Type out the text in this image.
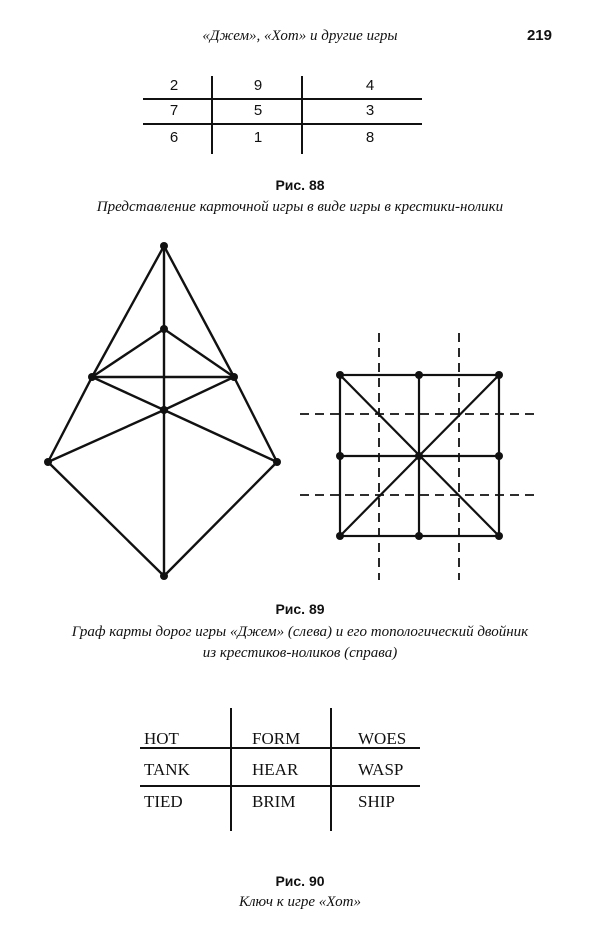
«Джем», «Хот» и другие игры	219
2	9	4
7	5	3
6	1	8
Рис. 88
Представление карточной игры в виде игры в крестики-нолики
Рис. 89
Граф карты дорог игры «Джем» (слева) и его топологический двойник
из крестиков-ноликов (справа)
HOT	FORM	WOES
TANK	HEAR	WASP
TIED	BRIM	SHIP
Рис. 90
Ключ к игре «Хот»
